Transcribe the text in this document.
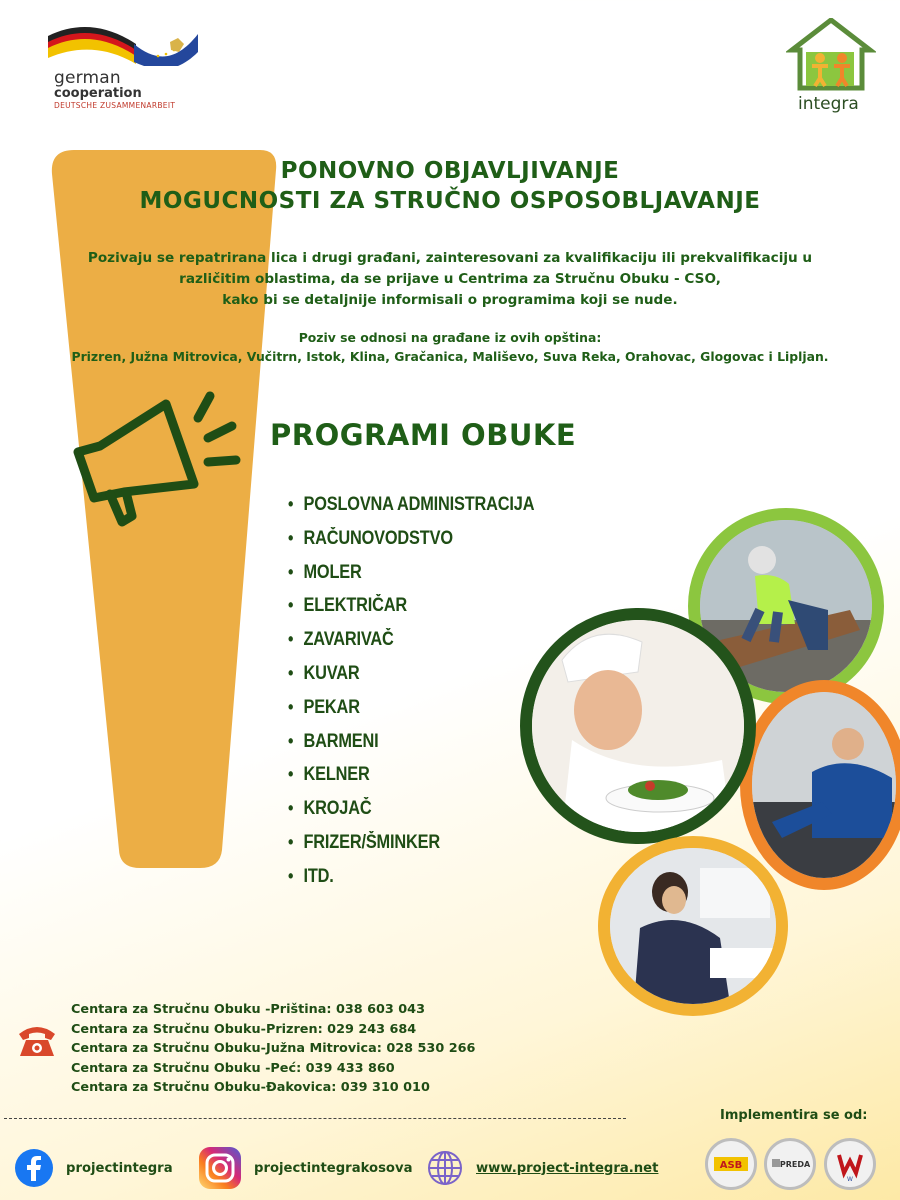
german
cooperation
DEUTSCHE ZUSAMMENARBEIT	integra
PONOVNO OBJAVLJIVANJE
MOGUCNOSTI ZA STRUČNO OSPOSOBLJAVANJE

Pozivaju se repatrirana lica i drugi građani, zainteresovani za kvalifikaciju ili prekvalifikaciju u

različitim oblastima, da se prijave u Centrima za Stručnu Obuku - CSO,

kako bi se detaljnije informisali o programima koji se nude.

Poziv se odnosi na građane iz ovih opština:

Prizren, Južna Mitrovica, Vučitrn, Istok, Klina, Gračanica, Mališevo, Suva Reka, Orahovac, Glogovac i Lipljan.

PROGRAMI OBUKE
• POSLOVNA ADMINISTRACIJA
• RAČUNOVODSTVO
• MOLER
• ELEKTRIČAR
• ZAVARIVAČ
• KUVAR
• PEKAR
• BARMENI
• KELNER
• KROJAČ
• FRIZER/ŠMINKER
• ITD.
Centara za Stručnu Obuku -Priština: 038 603 043
Centara za Stručnu Obuku-Prizren: 029 243 684
Centara za Stručnu Obuku-Južna Mitrovica: 028 530 266
Centara za Stručnu Obuku -Peć: 039 433 860
Centara za Stručnu Obuku-Đakovica: 039 310 010
Implementira se od:
ASB	PREDA
W
projectintegra	projectintegrakosova	www.project-integra.net
